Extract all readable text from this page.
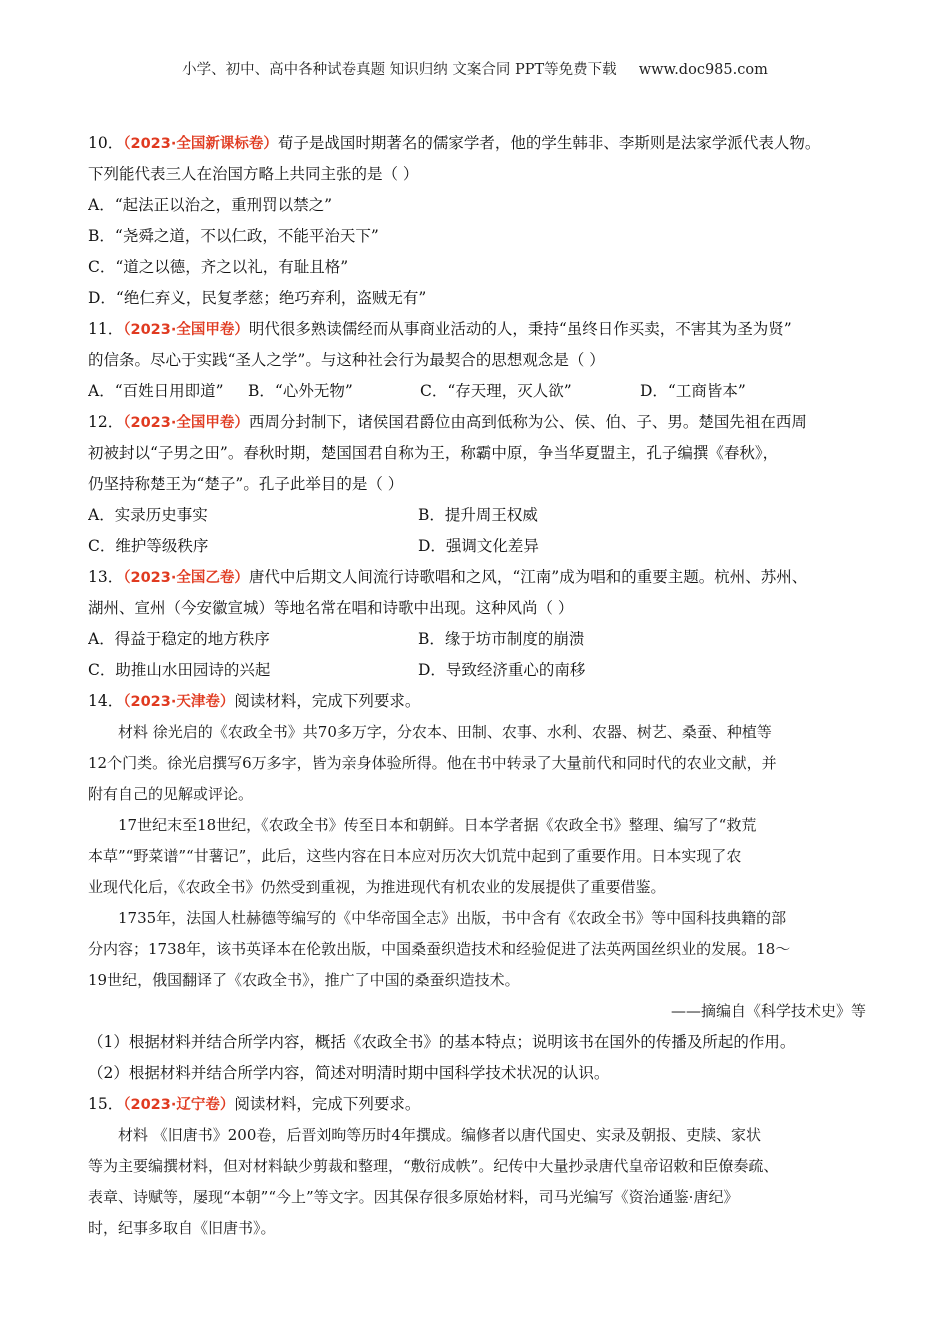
小学、初中、高中各种试卷真题 知识归纳 文案合同 PPT等免费下载 www.doc985.com
10．（2023·全国新课标卷）荀子是战国时期著名的儒家学者，他的学生韩非、李斯则是法家学派代表人物。
下列能代表三人在治国方略上共同主张的是（ ）
A．“起法正以治之，重刑罚以禁之”
B．“尧舜之道，不以仁政，不能平治天下”
C．“道之以德，齐之以礼，有耻且格”
D．“绝仁弃义，民复孝慈；绝巧弃利，盗贼无有”
11．（2023·全国甲卷）明代很多熟读儒经而从事商业活动的人，秉持“虽终日作买卖，不害其为圣为贤”
的信条。尽心于实践“圣人之学”。与这种社会行为最契合的思想观念是（ ）
A．“百姓日用即道” B．“心外无物”	C．“存天理，灭人欲”	D．“工商皆本”
12．（2023·全国甲卷）西周分封制下，诸侯国君爵位由高到低称为公、侯、伯、子、男。楚国先祖在西周
初被封以“子男之田”。春秋时期，楚国国君自称为王，称霸中原，争当华夏盟主，孔子编撰《春秋》，
仍坚持称楚王为“楚子”。孔子此举目的是（ ）
A．实录历史事实	B．提升周王权威
C．维护等级秩序	D．强调文化差异
13．（2023·全国乙卷）唐代中后期文人间流行诗歌唱和之风，“江南”成为唱和的重要主题。杭州、苏州、
湖州、宣州（今安徽宣城）等地名常在唱和诗歌中出现。这种风尚（ ）
A．得益于稳定的地方秩序	B．缘于坊市制度的崩溃
C．助推山水田园诗的兴起	D．导致经济重心的南移
14．（2023·天津卷）阅读材料，完成下列要求。
材料 徐光启的《农政全书》共70多万字，分农本、田制、农事、水利、农器、树艺、桑蚕、种植等
12个门类。徐光启撰写6万多字，皆为亲身体验所得。他在书中转录了大量前代和同时代的农业文献，并
附有自己的见解或评论。
17世纪末至18世纪，《农政全书》传至日本和朝鲜。日本学者据《农政全书》整理、编写了“救荒
本草”“野菜谱”“甘薯记”，此后，这些内容在日本应对历次大饥荒中起到了重要作用。日本实现了农
业现代化后，《农政全书》仍然受到重视，为推进现代有机农业的发展提供了重要借鉴。
1735年，法国人杜赫德等编写的《中华帝国全志》出版，书中含有《农政全书》等中国科技典籍的部
分内容；1738年，该书英译本在伦敦出版，中国桑蚕织造技术和经验促进了法英两国丝织业的发展。18～
19世纪，俄国翻译了《农政全书》，推广了中国的桑蚕织造技术。
——摘编自《科学技术史》等
（1）根据材料并结合所学内容，概括《农政全书》的基本特点；说明该书在国外的传播及所起的作用。
（2）根据材料并结合所学内容，简述对明清时期中国科学技术状况的认识。
15．（2023·辽宁卷）阅读材料，完成下列要求。
材料 《旧唐书》200卷，后晋刘昫等历时4年撰成。编修者以唐代国史、实录及朝报、吏牍、家状
等为主要编撰材料，但对材料缺少剪裁和整理，“敷衍成帙”。纪传中大量抄录唐代皇帝诏敕和臣僚奏疏、
表章、诗赋等，屡现“本朝”“今上”等文字。因其保存很多原始材料，司马光编写《资治通鉴·唐纪》
时，纪事多取自《旧唐书》。
